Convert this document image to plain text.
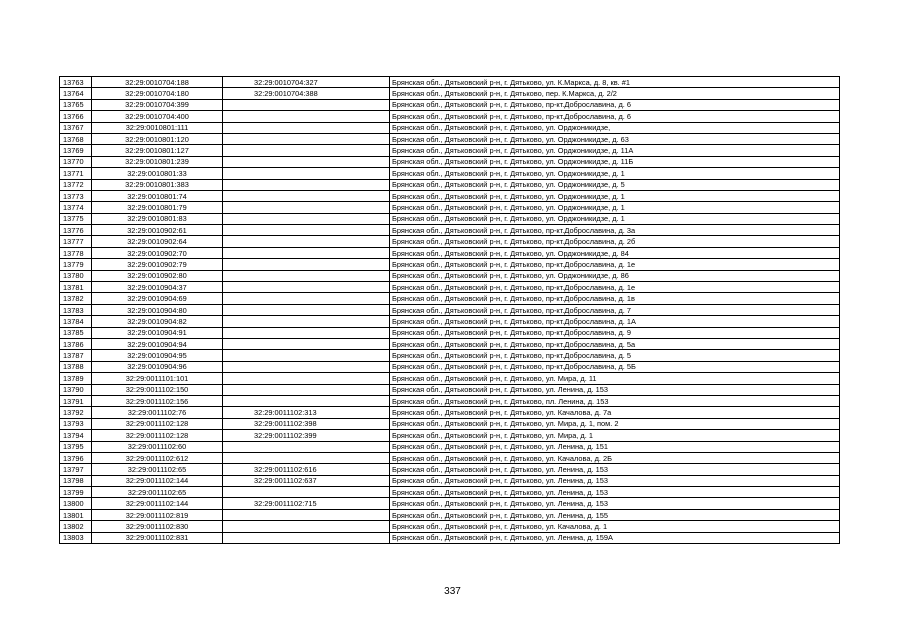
13763	32:29:0010704:188	32:29:0010704:327	Брянская обл., Дятьковский р-н, г. Дятьково, ул. К.Маркса, д. 8, кв. #1
13764	32:29:0010704:180	32:29:0010704:388	Брянская обл., Дятьковский р-н, г. Дятьково, пер. К.Маркса, д. 2/2
13765	32:29:0010704:399		Брянская обл., Дятьковский р-н, г. Дятьково, пр-кт.Доброславина, д. 6
13766	32:29:0010704:400		Брянская обл., Дятьковский р-н, г. Дятьково, пр-кт.Доброславина, д. 6
13767	32:29:0010801:111		Брянская обл., Дятьковский р-н, г. Дятьково, ул. Орджоникидзе,
13768	32:29:0010801:120		Брянская обл., Дятьковский р-н, г. Дятьково, ул. Орджоникидзе, д. 63
13769	32:29:0010801:127		Брянская обл., Дятьковский р-н, г. Дятьково, ул. Орджоникидзе, д. 11А
13770	32:29:0010801:239		Брянская обл., Дятьковский р-н, г. Дятьково, ул. Орджоникидзе, д. 11Б
13771	32:29:0010801:33		Брянская обл., Дятьковский р-н, г. Дятьково, ул. Орджоникидзе, д. 1
13772	32:29:0010801:383		Брянская обл., Дятьковский р-н, г. Дятьково, ул. Орджоникидзе, д. 5
13773	32:29:0010801:74		Брянская обл., Дятьковский р-н, г. Дятьково, ул. Орджоникидзе, д. 1
13774	32:29:0010801:79		Брянская обл., Дятьковский р-н, г. Дятьково, ул. Орджоникидзе, д. 1
13775	32:29:0010801:83		Брянская обл., Дятьковский р-н, г. Дятьково, ул. Орджоникидзе, д. 1
13776	32:29:0010902:61		Брянская обл., Дятьковский р-н, г. Дятьково, пр-кт.Доброславина, д. 3а
13777	32:29:0010902:64		Брянская обл., Дятьковский р-н, г. Дятьково, пр-кт.Доброславина, д. 2б
13778	32:29:0010902:70		Брянская обл., Дятьковский р-н, г. Дятьково, ул. Орджоникидзе, д. 84
13779	32:29:0010902:79		Брянская обл., Дятьковский р-н, г. Дятьково, пр-кт.Доброславина, д. 1е
13780	32:29:0010902:80		Брянская обл., Дятьковский р-н, г. Дятьково, ул. Орджоникидзе, д. 86
13781	32:29:0010904:37		Брянская обл., Дятьковский р-н, г. Дятьково, пр-кт.Доброславина, д. 1е
13782	32:29:0010904:69		Брянская обл., Дятьковский р-н, г. Дятьково, пр-кт.Доброславина, д. 1в
13783	32:29:0010904:80		Брянская обл., Дятьковский р-н, г. Дятьково, пр-кт.Доброславина, д. 7
13784	32:29:0010904:82		Брянская обл., Дятьковский р-н, г. Дятьково, пр-кт.Доброславина, д. 1А
13785	32:29:0010904:91		Брянская обл., Дятьковский р-н, г. Дятьково, пр-кт.Доброславина, д. 9
13786	32:29:0010904:94		Брянская обл., Дятьковский р-н, г. Дятьково, пр-кт.Доброславина, д. 5а
13787	32:29:0010904:95		Брянская обл., Дятьковский р-н, г. Дятьково, пр-кт.Доброславина, д. 5
13788	32:29:0010904:96		Брянская обл., Дятьковский р-н, г. Дятьково, пр-кт.Доброславина, д. 5Б
13789	32:29:0011101:101		Брянская обл., Дятьковский р-н, г. Дятьково, ул. Мира, д. 11
13790	32:29:0011102:150		Брянская обл., Дятьковский р-н, г. Дятьково, ул. Ленина, д. 153
13791	32:29:0011102:156		Брянская обл., Дятьковский р-н, г. Дятьково, пл. Ленина, д. 153
13792	32:29:0011102:76	32:29:0011102:313	Брянская обл., Дятьковский р-н, г. Дятьково, ул. Качалова, д. 7а
13793	32:29:0011102:128	32:29:0011102:398	Брянская обл., Дятьковский р-н, г. Дятьково, ул. Мира, д. 1, пом. 2
13794	32:29:0011102:128	32:29:0011102:399	Брянская обл., Дятьковский р-н, г. Дятьково, ул. Мира, д. 1
13795	32:29:0011102:60		Брянская обл., Дятьковский р-н, г. Дятьково, ул. Ленина, д. 151
13796	32:29:0011102:612		Брянская обл., Дятьковский р-н, г. Дятьково, ул. Качалова, д. 2Б
13797	32:29:0011102:65	32:29:0011102:616	Брянская обл., Дятьковский р-н, г. Дятьково, ул. Ленина, д. 153
13798	32:29:0011102:144	32:29:0011102:637	Брянская обл., Дятьковский р-н, г. Дятьково, ул. Ленина, д. 153
13799	32:29:0011102:65		Брянская обл., Дятьковский р-н, г. Дятьково, ул. Ленина, д. 153
13800	32:29:0011102:144	32:29:0011102:715	Брянская обл., Дятьковский р-н, г. Дятьково, ул. Ленина, д. 153
13801	32:29:0011102:819		Брянская обл., Дятьковский р-н, г. Дятьково, ул. Ленина, д. 155
13802	32:29:0011102:830		Брянская обл., Дятьковский р-н, г. Дятьково, ул. Качалова, д. 1
13803	32:29:0011102:831		Брянская обл., Дятьковский р-н, г. Дятьково, ул. Ленина, д. 159А
337
